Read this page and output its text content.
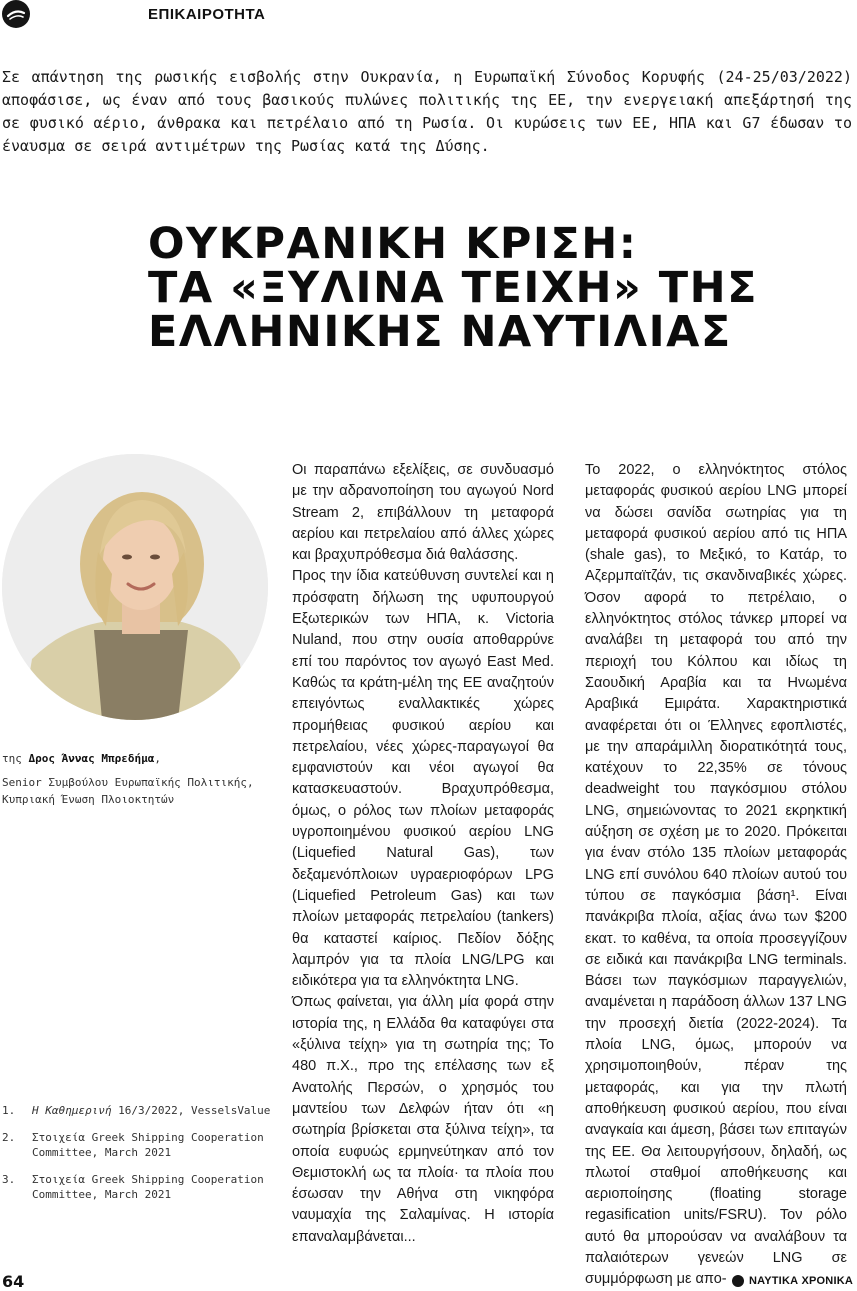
ΕΠΙΚΑΙΡΟΤΗΤΑ

Σε απάντηση της ρωσικής εισβολής στην Ουκρανία, η Ευρωπαϊκή Σύνοδος Κορυφής (24-25/03/2022) αποφάσισε, ως έναν από τους βασικούς πυλώνες πολιτικής της ΕΕ, την ενεργειακή απεξάρτησή της σε φυσικό αέριο, άνθρακα και πετρέλαιο από τη Ρωσία. Οι κυρώσεις των ΕΕ, ΗΠΑ και G7 έδωσαν το έναυσμα σε σειρά αντιμέτρων της Ρωσίας κατά της Δύσης.

ΟΥΚΡΑΝΙΚΗ ΚΡΙΣΗ:
ΤΑ «ΞΥΛΙΝΑ ΤΕΙΧΗ» ΤΗΣ
ΕΛΛΗΝΙΚΗΣ ΝΑΥΤΙΛΙΑΣ
της Δρος Άννας Μπρεδήμα,
Senior Συμβούλου Ευρωπαϊκής Πολιτικής, Κυπριακή Ένωση Πλοιοκτητών
1.	Η Καθημερινή 16/3/2022, VesselsValue
2.	Στοιχεία Greek Shipping Cooperation Committee, March 2021
3.	Στοιχεία Greek Shipping Cooperation Committee, March 2021

Οι παραπάνω εξελίξεις, σε συνδυασμό με την αδρανοποίηση του αγωγού Nord Stream 2, επιβάλλουν τη μεταφορά αερίου και πετρελαίου από άλλες χώρες και βραχυπρόθεσμα διά θαλάσσης.

Προς την ίδια κατεύθυνση συντελεί και η πρόσφατη δήλωση της υφυπουργού Εξωτερικών των ΗΠΑ, κ. Victoria Nuland, που στην ουσία αποθαρρύνε επί του παρόντος τον αγωγό East Med. Καθώς τα κράτη-μέλη της ΕΕ αναζητούν επειγόντως εναλλακτικές χώρες προμήθειας φυσικού αερίου και πετρελαίου, νέες χώρες-παραγωγοί θα εμφανιστούν και νέοι αγωγοί θα κατασκευαστούν. Βραχυπρόθεσμα, όμως, ο ρόλος των πλοίων μεταφοράς υγροποιημένου φυσικού αερίου LNG (Liquefied Natural Gas), των δεξαμενόπλοιων υγραεριοφόρων LPG (Liquefied Petroleum Gas) και των πλοίων μεταφοράς πετρελαίου (tankers) θα καταστεί καίριος. Πεδίον δόξης λαμπρόν για τα πλοία LNG/LPG και ειδικότερα για τα ελληνόκτητα LNG.

Όπως φαίνεται, για άλλη μία φορά στην ιστορία της, η Ελλάδα θα καταφύγει στα «ξύλινα τείχη» για τη σωτηρία της; Το 480 π.Χ., προ της επέλασης των εξ Ανατολής Περσών, ο χρησμός του μαντείου των Δελφών ήταν ότι «η σωτηρία βρίσκεται στα ξύλινα τείχη», τα οποία ευφυώς ερμηνεύτηκαν από τον Θεμιστοκλή ως τα πλοία· τα πλοία που έσωσαν την Αθήνα στη νικηφόρα ναυμαχία της Σαλαμίνας. Η ιστορία επαναλαμβάνεται...

Το 2022, ο ελληνόκτητος στόλος μεταφοράς φυσικού αερίου LNG μπορεί να δώσει σανίδα σωτηρίας για τη μεταφορά φυσικού αερίου από τις ΗΠΑ (shale gas), το Μεξικό, το Κατάρ, το Αζερμπαϊτζάν, τις σκανδιναβικές χώρες. Όσον αφορά το πετρέλαιο, ο ελληνόκτητος στόλος τάνκερ μπορεί να αναλάβει τη μεταφορά του από την περιοχή του Κόλπου και ιδίως τη Σαουδική Αραβία και τα Ηνωμένα Αραβικά Εμιράτα. Χαρακτηριστικά αναφέρεται ότι οι Έλληνες εφοπλιστές, με την απαράμιλλη διορατικότητά τους, κατέχουν το 22,35% σε τόνους deadweight του παγκόσμιου στόλου LNG, σημειώνοντας το 2021 εκρηκτική αύξηση σε σχέση με το 2020. Πρόκειται για έναν στόλο 135 πλοίων μεταφοράς LNG επί συνόλου 640 πλοίων αυτού του τύπου σε παγκόσμια βάση¹. Είναι πανάκριβα πλοία, αξίας άνω των $200 εκατ. το καθένα, τα οποία προσεγγίζουν σε ειδικά και πανάκριβα LNG terminals. Βάσει των παγκόσμιων παραγγελιών, αναμένεται η παράδοση άλλων 137 LNG την προσεχή διετία (2022-2024). Τα πλοία LNG, όμως, μπορούν να χρησιμοποιηθούν, πέραν της μεταφοράς, και για την πλωτή αποθήκευση φυσικού αερίου, που είναι αναγκαία και άμεση, βάσει των επιταγών της ΕΕ. Θα λειτουργήσουν, δηλαδή, ως πλωτοί σταθμοί αποθήκευσης και αεριοποίησης (floating storage regasification units/FSRU). Τον ρόλο αυτό θα μπορούσαν να αναλάβουν τα παλαιότερων γενεών LNG σε συμμόρφωση με απο-

64	ΝΑΥΤΙΚΑ ΧΡΟΝΙΚΑ
